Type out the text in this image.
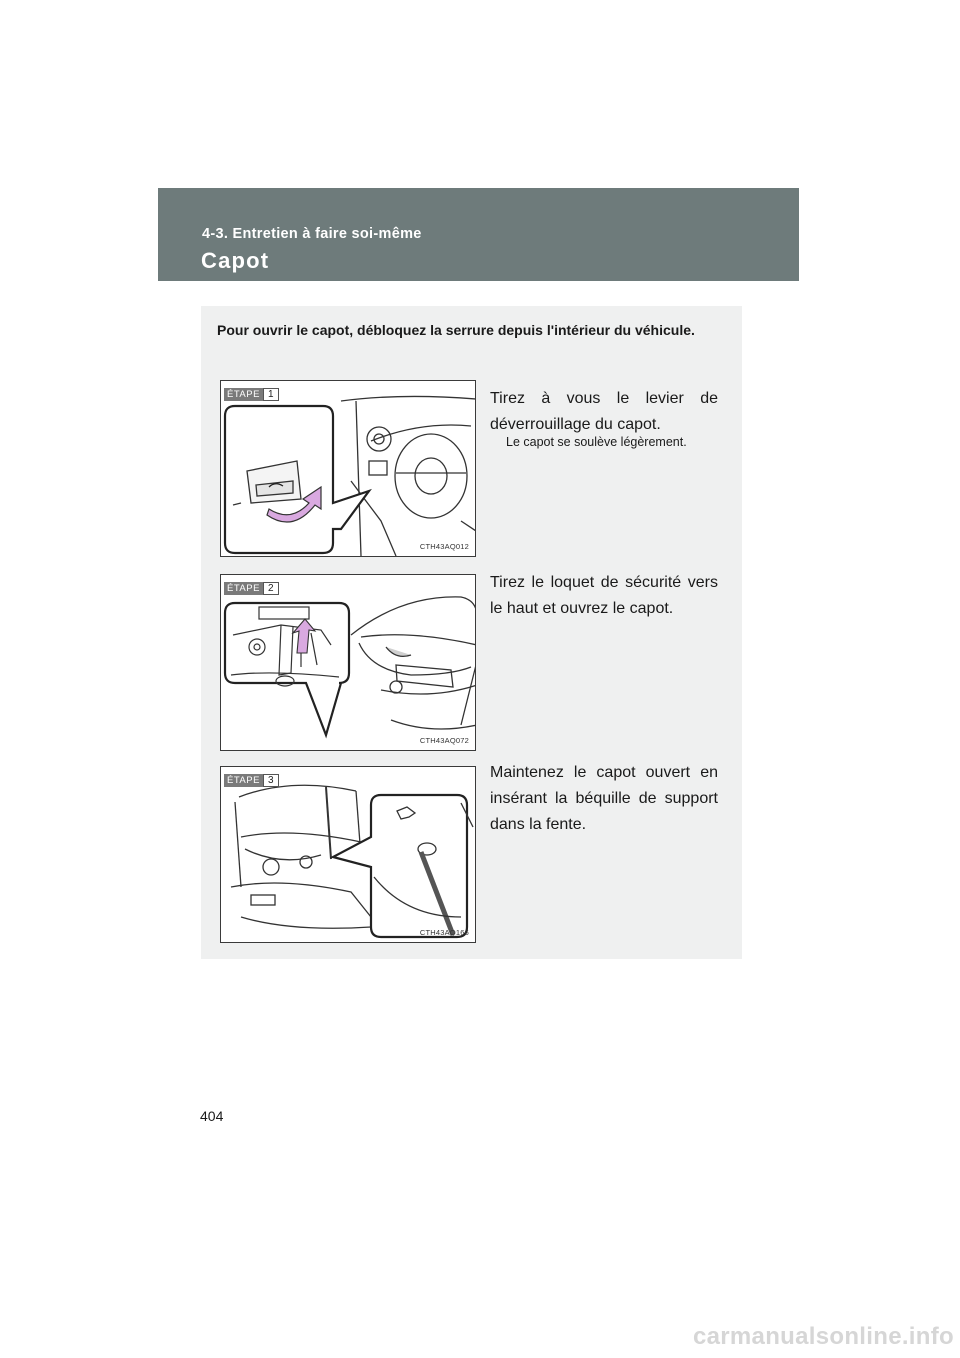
4-3. Entretien à faire soi-même
Capot
Pour ouvrir le capot, débloquez la serrure depuis l'intérieur du véhicule.
ÉTAPE 1
CTH43AQ012
Tirez à vous le levier de déverrouillage du capot.
Le capot se soulève légèrement.
ÉTAPE 2
CTH43AQ072
Tirez le loquet de sécurité vers le haut et ouvrez le capot.
ÉTAPE 3
CTH43AQ166
Maintenez le capot ouvert en insérant la béquille de support dans la fente.
404
carmanualsonline.info
